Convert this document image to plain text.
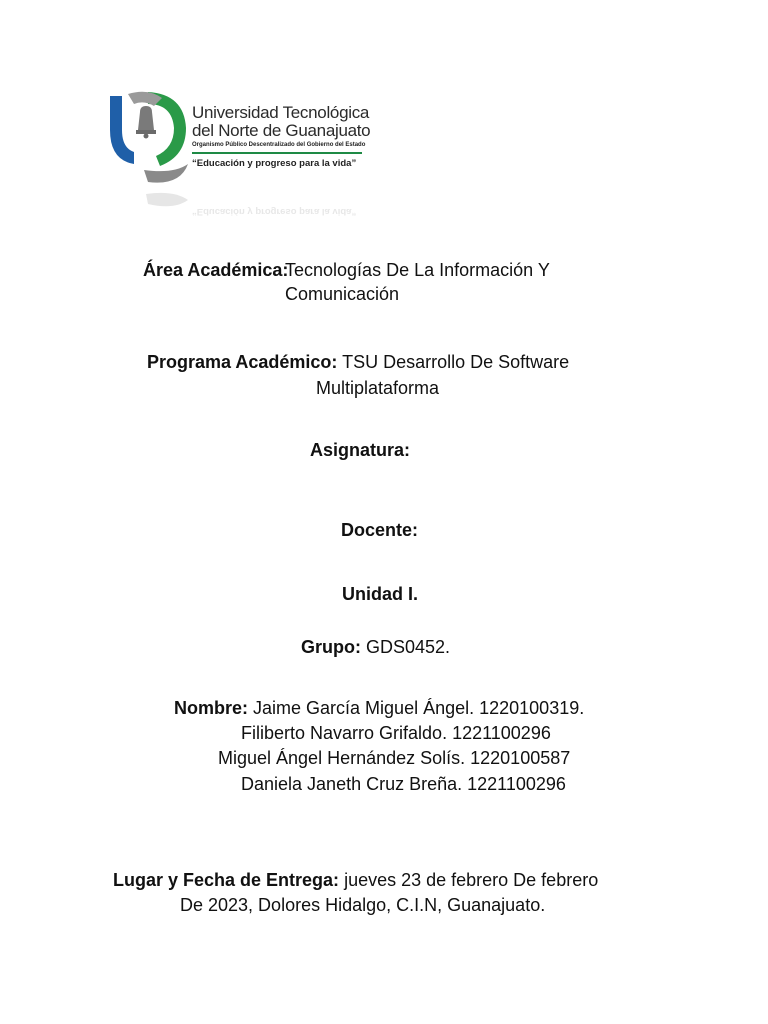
Universidad Tecnológica
del Norte de Guanajuato
Organismo Público Descentralizado del Gobierno del Estado
“Educación y progreso para la vida”
“Educación y progreso para la vida”
Área Académica:
Tecnologías De La Información Y
Comunicación
Programa Académico: TSU Desarrollo De Software
Multiplataforma
Asignatura:
Docente:
Unidad I.
Grupo: GDS0452.
Nombre: Jaime García Miguel Ángel. 1220100319.
Filiberto Navarro Grifaldo. 1221100296
Miguel Ángel Hernández Solís. 1220100587
Daniela Janeth Cruz Breña. 1221100296
Lugar y Fecha de Entrega: jueves 23 de febrero De febrero
De 2023, Dolores Hidalgo, C.I.N, Guanajuato.
